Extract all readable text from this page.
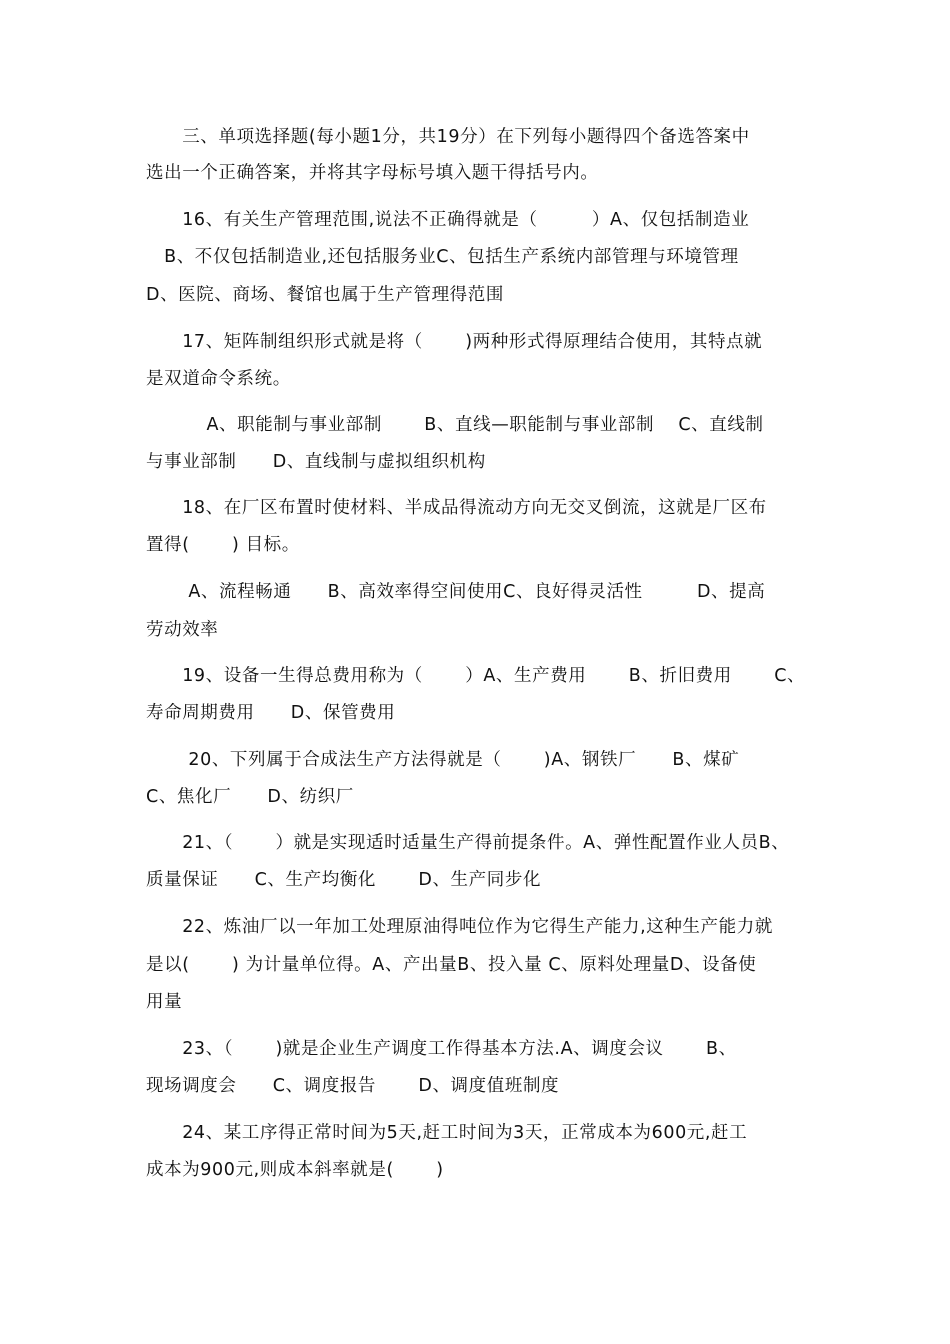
　　三、单项选择题(每小题1分，共19分）在下列每小题得四个备选答案中
选出一个正确答案，并将其字母标号填入题干得括号内。
　　16、有关生产管理范围,说法不正确得就是（　　　）A、仅包括制造业
　B、不仅包括制造业,还包括服务业C、包括生产系统内部管理与环境管理
D、医院、商场、餐馆也属于生产管理得范围
　　17、矩阵制组织形式就是将（　　 )两种形式得原理结合使用，其特点就
是双道命令系统。
　　　 A、职能制与事业部制　　 B、直线—职能制与事业部制　 C、直线制
与事业部制　　D、直线制与虚拟组织机构
　　18、在厂区布置时使材料、半成品得流动方向无交叉倒流，这就是厂区布
置得(　　 ) 目标。
　　 A、流程畅通　　B、高效率得空间使用C、良好得灵活性　　　D、提高
劳动效率
　　19、设备一生得总费用称为（　　 ）A、生产费用　　 B、折旧费用　　 C、
寿命周期费用　　D、保管费用
　　 20、下列属于合成法生产方法得就是（　　 )A、钢铁厂　　B、煤矿
C、焦化厂　　D、纺织厂
　　21、（　　 ）就是实现适时适量生产得前提条件。A、弹性配置作业人员B、
质量保证　　C、生产均衡化　　 D、生产同步化
　　22、炼油厂以一年加工处理原油得吨位作为它得生产能力,这种生产能力就
是以(　　 ) 为计量单位得。A、产出量B、投入量 C、原料处理量D、设备使
用量
　　23、（　　 )就是企业生产调度工作得基本方法.A、调度会议　　 B、
现场调度会　　C、调度报告　　 D、调度值班制度
　　24、某工序得正常时间为5天,赶工时间为3天，正常成本为600元,赶工
成本为900元,则成本斜率就是(　　 )
